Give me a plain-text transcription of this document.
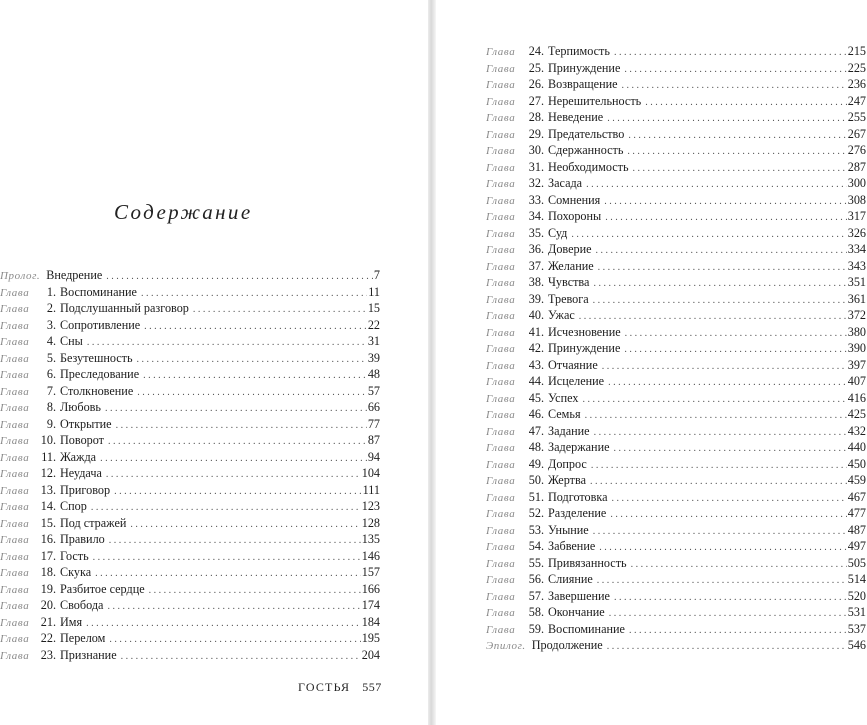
Содержание
Пролог. Внедрение . . .	7
Глава	1. Воспоминание . . .	11
Глава	2. Подслушанный разговор . . .	15
Глава	3. Сопротивление . . .	22
Глава	4. Сны . . .	31
Глава	5. Безутешность . . .	39
Глава	6. Преследование . . .	48
Глава	7. Столкновение . . .	57
Глава	8. Любовь . . .	66
Глава	9. Открытие . . .	77
Глава 10. Поворот . . .	87
Глава 11. Жажда . . .	94
Глава 12. Неудача . . .	104
Глава 13. Приговор . . .	111
Глава 14. Спор . . .	123
Глава 15. Под стражей . . .	128
Глава 16. Правило . . .	135
Глава 17. Гость . . .	146
Глава 18. Скука . . .	157
Глава 19. Разбитое сердце . . .	166
Глава 20. Свобода . . .	174
Глава 21. Имя . . .	184
Глава 22. Перелом . . .	195
Глава 23. Признание . . .	204
ГОСТЬЯ 557
Глава	24. Терпимость . . .	215
Глава	25. Принуждение . . .	225
Глава	26. Возвращение . . .	236
Глава	27. Нерешительность . . .	247
Глава	28. Неведение . . .	255
Глава	29. Предательство . . .	267
Глава	30. Сдержанность . . .	276
Глава	31. Необходимость . . .	287
Глава	32. Засада . . .	300
Глава	33. Сомнения . . .	308
Глава	34. Похороны . . .	317
Глава	35. Суд . . .	326
Глава	36. Доверие . . .	334
Глава	37. Желание . . .	343
Глава	38. Чувства . . .	351
Глава	39. Тревога . . .	361
Глава	40. Ужас . . .	372
Глава	41. Исчезновение . . .	380
Глава	42. Принуждение . . .	390
Глава	43. Отчаяние . . .	397
Глава	44. Исцеление . . .	407
Глава	45. Успех . . .	416
Глава	46. Семья . . .	425
Глава	47. Задание . . .	432
Глава	48. Задержание . . .	440
Глава	49. Допрос . . .	450
Глава	50. Жертва . . .	459
Глава	51. Подготовка . . .	467
Глава	52. Разделение . . .	477
Глава	53. Уныние . . .	487
Глава	54. Забвение . . .	497
Глава	55. Привязанность . . .	505
Глава	56. Слияние . . .	514
Глава	57. Завершение . . .	520
Глава	58. Окончание . . .	531
Глава	59. Воспоминание . . .	537
Эпилог. Продолжение . . .	546
